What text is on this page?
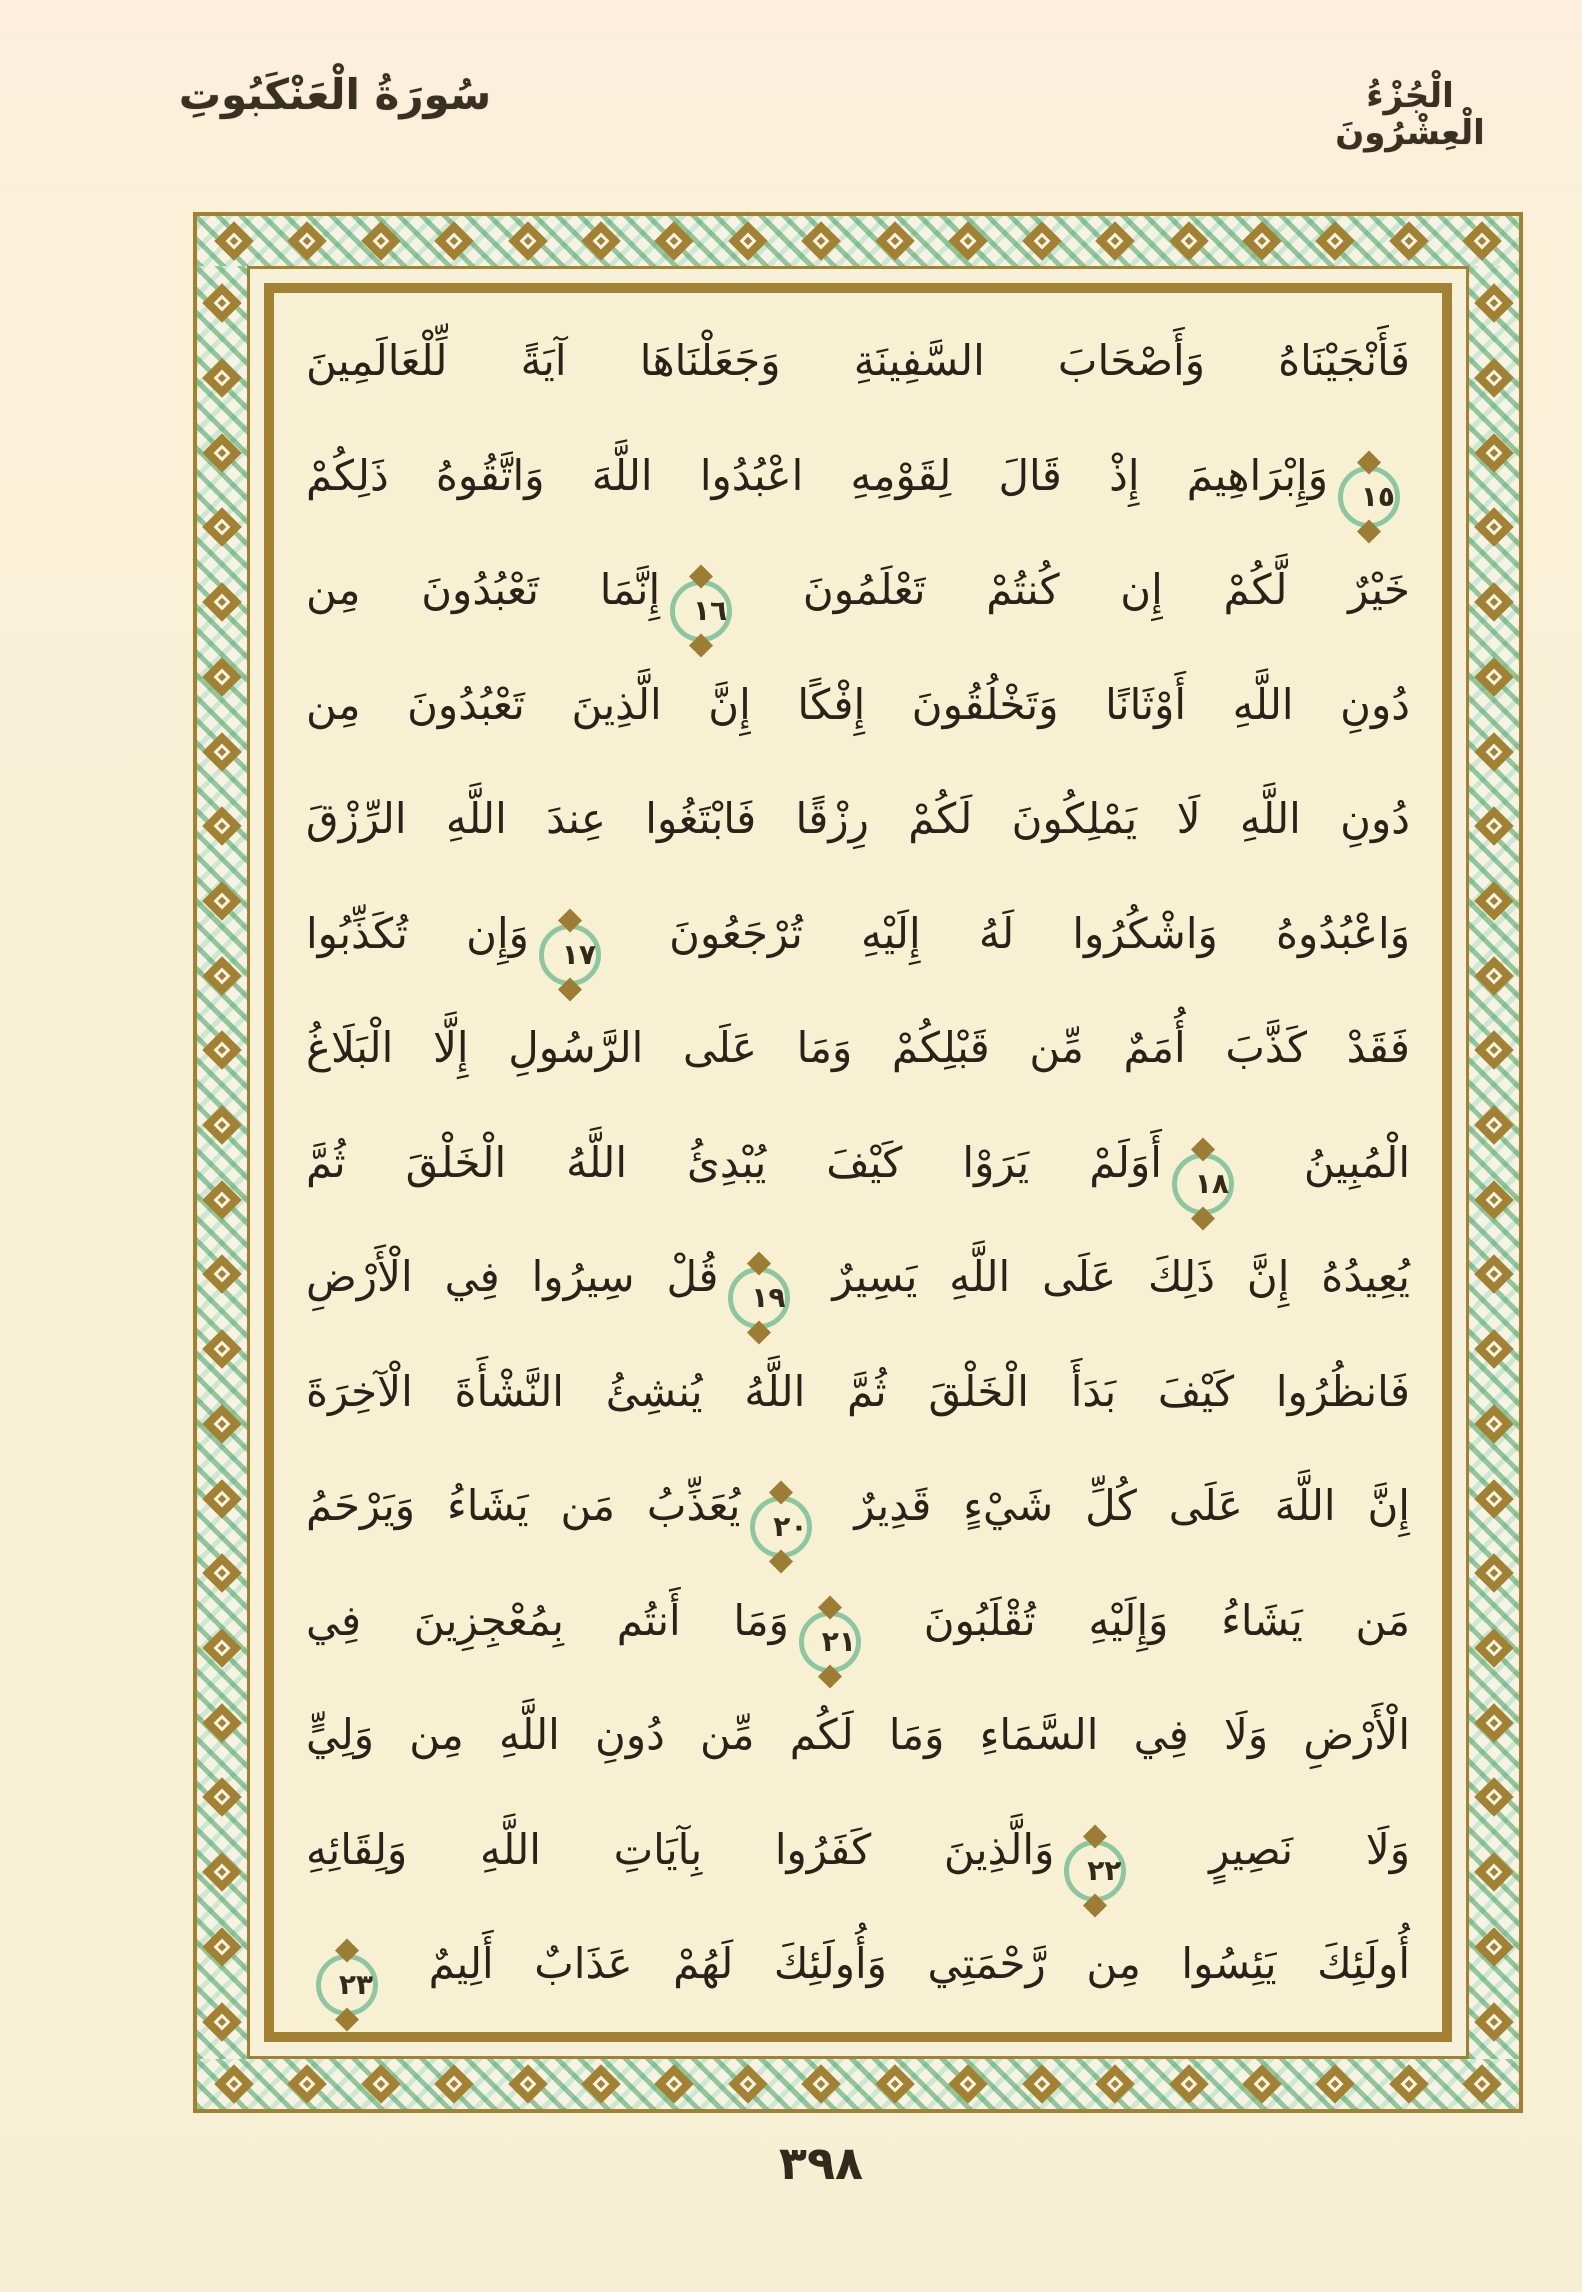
سُورَةُ الْعَنْكَبُوتِ	الْجُزْءُ الْعِشْرُونَ
فَأَنْجَيْنَاهُ وَأَصْحَابَ السَّفِينَةِ وَجَعَلْنَاهَا آيَةً لِّلْعَالَمِينَ
١٥وَإِبْرَاهِيمَ إِذْ قَالَ لِقَوْمِهِ اعْبُدُوا اللَّهَ وَاتَّقُوهُ ذَلِكُمْ
خَيْرٌ لَّكُمْ إِن كُنتُمْ تَعْلَمُونَ ١٦إِنَّمَا تَعْبُدُونَ مِن
دُونِ اللَّهِ أَوْثَانًا وَتَخْلُقُونَ إِفْكًا إِنَّ الَّذِينَ تَعْبُدُونَ مِن
دُونِ اللَّهِ لَا يَمْلِكُونَ لَكُمْ رِزْقًا فَابْتَغُوا عِندَ اللَّهِ الرِّزْقَ
وَاعْبُدُوهُ وَاشْكُرُوا لَهُ إِلَيْهِ تُرْجَعُونَ ١٧وَإِن تُكَذِّبُوا
فَقَدْ كَذَّبَ أُمَمٌ مِّن قَبْلِكُمْ وَمَا عَلَى الرَّسُولِ إِلَّا الْبَلَاغُ
الْمُبِينُ ١٨أَوَلَمْ يَرَوْا كَيْفَ يُبْدِئُ اللَّهُ الْخَلْقَ ثُمَّ
يُعِيدُهُ إِنَّ ذَلِكَ عَلَى اللَّهِ يَسِيرٌ ١٩قُلْ سِيرُوا فِي الْأَرْضِ
فَانظُرُوا كَيْفَ بَدَأَ الْخَلْقَ ثُمَّ اللَّهُ يُنشِئُ النَّشْأَةَ الْآخِرَةَ
إِنَّ اللَّهَ عَلَى كُلِّ شَيْءٍ قَدِيرٌ ٢٠يُعَذِّبُ مَن يَشَاءُ وَيَرْحَمُ
مَن يَشَاءُ وَإِلَيْهِ تُقْلَبُونَ ٢١وَمَا أَنتُم بِمُعْجِزِينَ فِي
الْأَرْضِ وَلَا فِي السَّمَاءِ وَمَا لَكُم مِّن دُونِ اللَّهِ مِن وَلِيٍّ
وَلَا نَصِيرٍ ٢٢وَالَّذِينَ كَفَرُوا بِآيَاتِ اللَّهِ وَلِقَائِهِ
أُولَئِكَ يَئِسُوا مِن رَّحْمَتِي وَأُولَئِكَ لَهُمْ عَذَابٌ أَلِيمٌ ٢٣
٣٩٨
